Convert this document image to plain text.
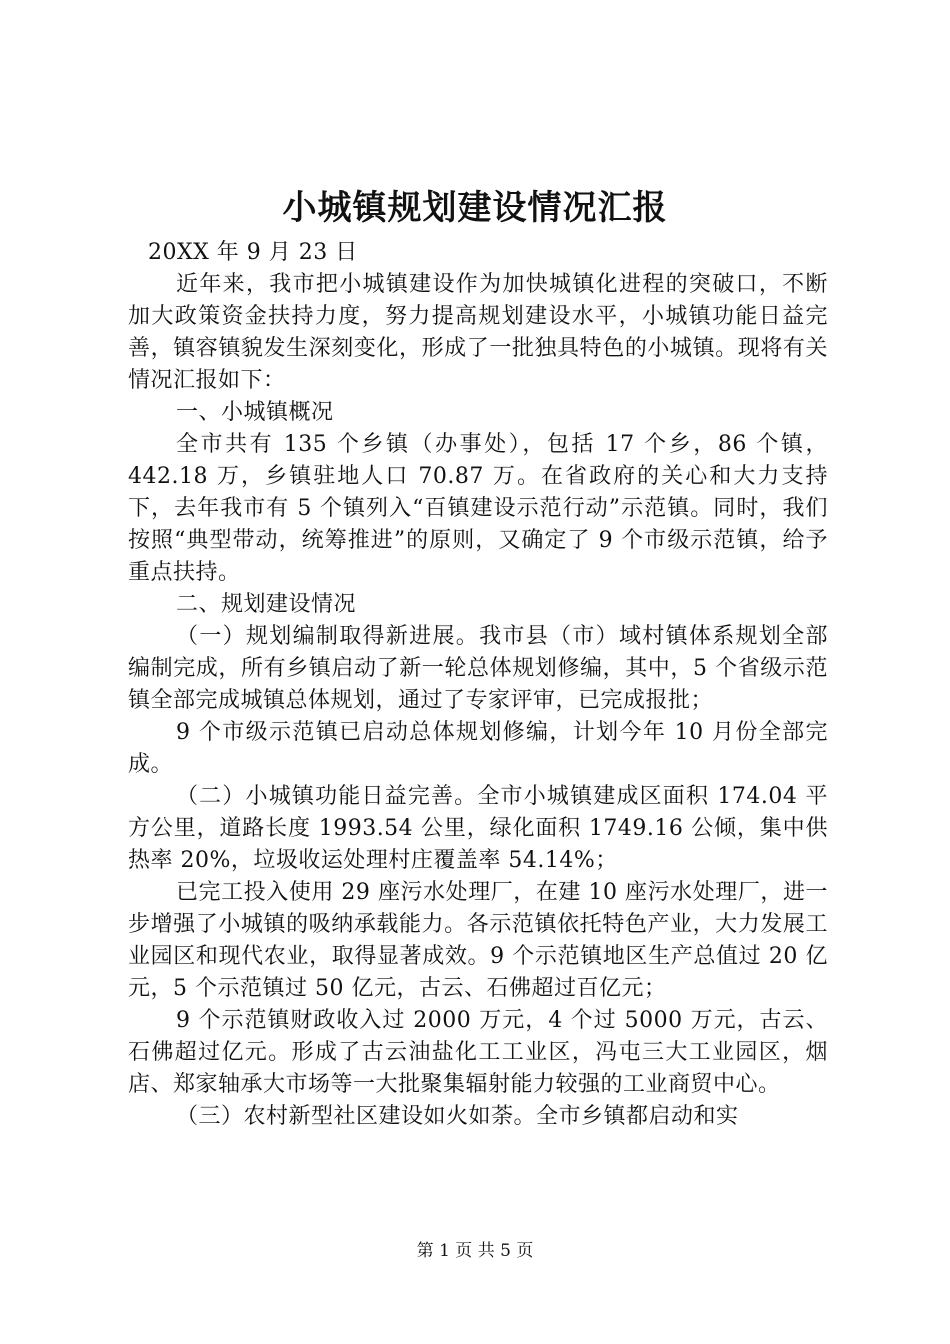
小城镇规划建设情况汇报

20XX 年 9 月 23 日

近年来，我市把小城镇建设作为加快城镇化进程的突破口，不断加大政策资金扶持力度，努力提高规划建设水平，小城镇功能日益完善，镇容镇貌发生深刻变化，形成了一批独具特色的小城镇。现将有关情况汇报如下：

一、小城镇概况

全市共有 135 个乡镇（办事处），包括 17 个乡，86 个镇，442.18 万，乡镇驻地人口 70.87 万。在省政府的关心和大力支持下，去年我市有 5 个镇列入“百镇建设示范行动”示范镇。同时，我们按照“典型带动，统筹推进”的原则，又确定了 9 个市级示范镇，给予重点扶持。

二、规划建设情况

（一）规划编制取得新进展。我市县（市）域村镇体系规划全部编制完成，所有乡镇启动了新一轮总体规划修编，其中，5 个省级示范镇全部完成城镇总体规划，通过了专家评审，已完成报批；

9 个市级示范镇已启动总体规划修编，计划今年 10 月份全部完成。

（二）小城镇功能日益完善。全市小城镇建成区面积 174.04 平方公里，道路长度 1993.54 公里，绿化面积 1749.16 公倾，集中供热率 20%，垃圾收运处理村庄覆盖率 54.14%；

已完工投入使用 29 座污水处理厂，在建 10 座污水处理厂，进一步增强了小城镇的吸纳承载能力。各示范镇依托特色产业，大力发展工业园区和现代农业，取得显著成效。9 个示范镇地区生产总值过 20 亿元，5 个示范镇过 50 亿元，古云、石佛超过百亿元；

9 个示范镇财政收入过 2000 万元，4 个过 5000 万元，古云、石佛超过亿元。形成了古云油盐化工工业区，冯屯三大工业园区，烟店、郑家轴承大市场等一大批聚集辐射能力较强的工业商贸中心。

（三）农村新型社区建设如火如荼。全市乡镇都启动和实

第 1 页 共 5 页
